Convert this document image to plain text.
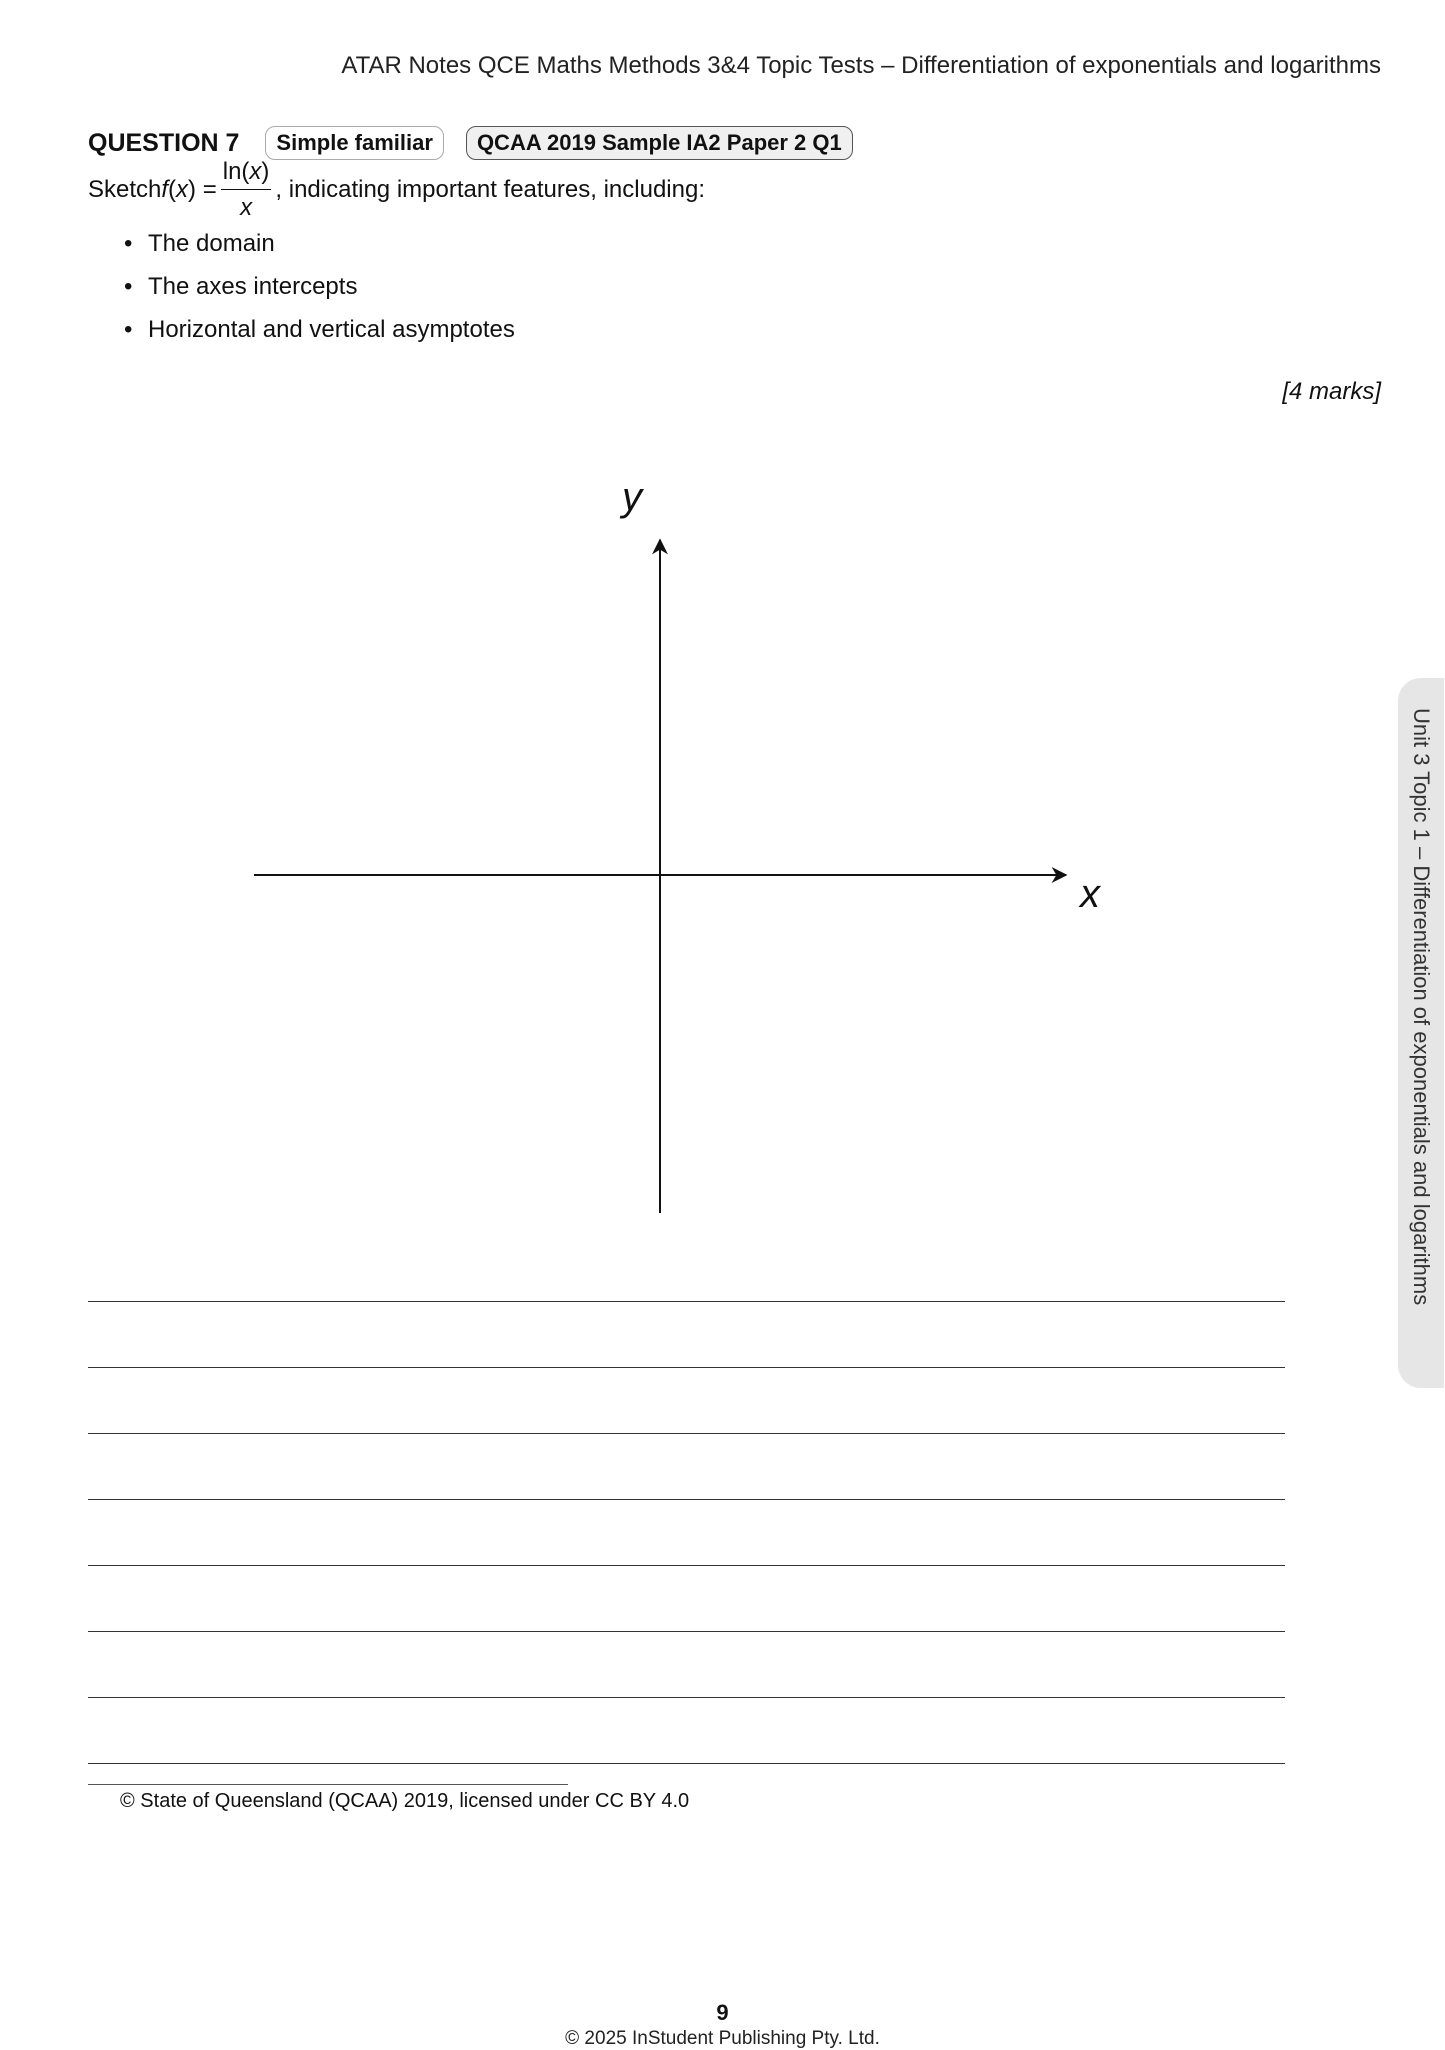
ATAR Notes QCE Maths Methods 3&4 Topic Tests – Differentiation of exponentials and logarithms
QUESTION 7	Simple familiar	QCAA 2019 Sample IA2 Paper 2 Q1
Sketch f ( x ) = $\frac{\ln(x)}{x}$ , indicating important features, including:
• The domain
• The axes intercepts
• Horizontal and vertical asymptotes
[4 marks]
y
x
© State of Queensland (QCAA) 2019, licensed under CC BY 4.0
Unit 3 Topic 1 – Differentiation of exponentials and logarithms
9
© 2025 InStudent Publishing Pty. Ltd.
